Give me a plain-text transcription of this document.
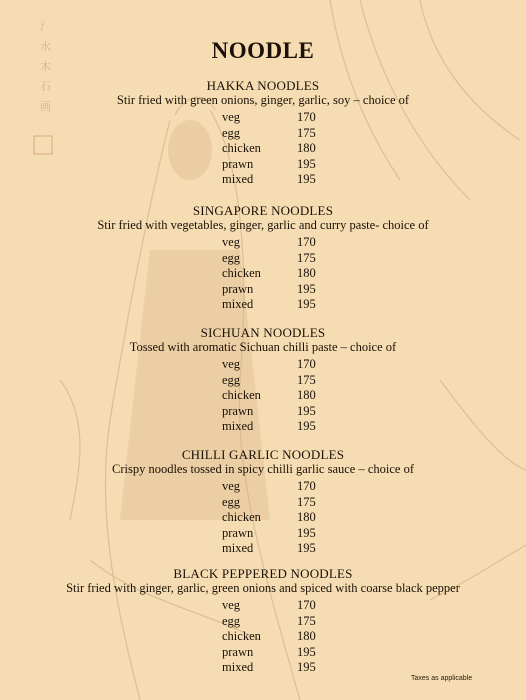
氵
水
木
石
画
NOODLE
HAKKA NOODLES
Stir fried with green onions, ginger, garlic, soy – choice of
veg	170
egg	175
chicken	180
prawn	195
mixed	195
SINGAPORE NOODLES
Stir fried with vegetables, ginger, garlic and curry paste- choice of
veg	170
egg	175
chicken	180
prawn	195
mixed	195
SICHUAN NOODLES
Tossed with aromatic Sichuan chilli paste – choice of
veg	170
egg	175
chicken	180
prawn	195
mixed	195
CHILLI GARLIC NOODLES
Crispy noodles tossed in spicy chilli garlic sauce – choice of
veg	170
egg	175
chicken	180
prawn	195
mixed	195
BLACK PEPPERED NOODLES
Stir fried with ginger, garlic, green onions and spiced with coarse black pepper
veg	170
egg	175
chicken	180
prawn	195
mixed	195
Taxes as applicable
